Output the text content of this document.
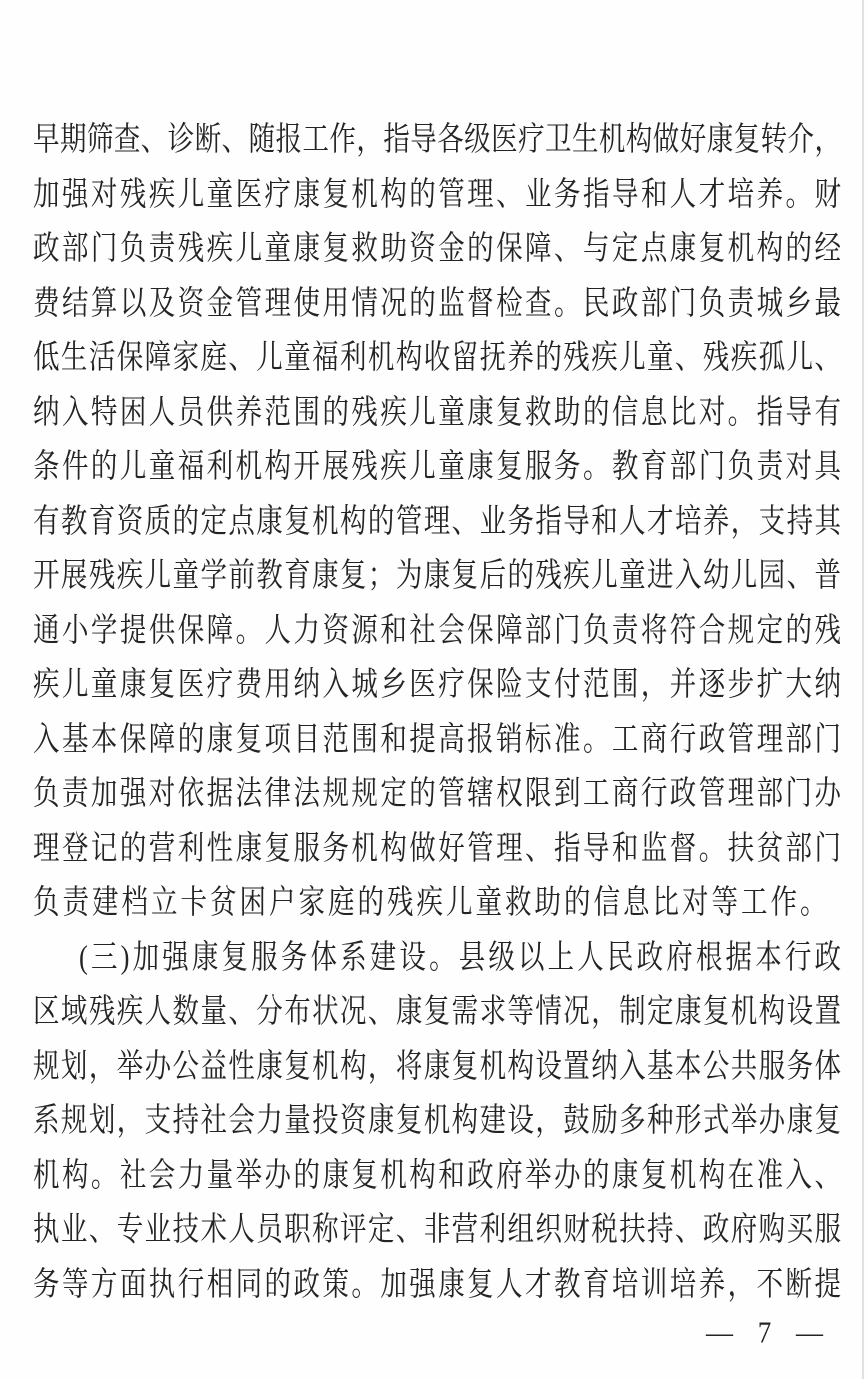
早期筛查、诊断、随报工作，指导各级医疗卫生机构做好康复转介，
加强对残疾儿童医疗康复机构的管理、业务指导和人才培养。财
政部门负责残疾儿童康复救助资金的保障、与定点康复机构的经
费结算以及资金管理使用情况的监督检查。民政部门负责城乡最
低生活保障家庭、儿童福利机构收留抚养的残疾儿童、残疾孤儿、
纳入特困人员供养范围的残疾儿童康复救助的信息比对。指导有
条件的儿童福利机构开展残疾儿童康复服务。教育部门负责对具
有教育资质的定点康复机构的管理、业务指导和人才培养，支持其
开展残疾儿童学前教育康复；为康复后的残疾儿童进入幼儿园、普
通小学提供保障。人力资源和社会保障部门负责将符合规定的残
疾儿童康复医疗费用纳入城乡医疗保险支付范围，并逐步扩大纳
入基本保障的康复项目范围和提高报销标准。工商行政管理部门
负责加强对依据法律法规规定的管辖权限到工商行政管理部门办
理登记的营利性康复服务机构做好管理、指导和监督。扶贫部门
负责建档立卡贫困户家庭的残疾儿童救助的信息比对等工作。
(三)加强康复服务体系建设。县级以上人民政府根据本行政
区域残疾人数量、分布状况、康复需求等情况，制定康复机构设置
规划，举办公益性康复机构，将康复机构设置纳入基本公共服务体
系规划，支持社会力量投资康复机构建设，鼓励多种形式举办康复
机构。社会力量举办的康复机构和政府举办的康复机构在准入、
执业、专业技术人员职称评定、非营利组织财税扶持、政府购买服
务等方面执行相同的政策。加强康复人才教育培训培养，不断提
— 7 —
